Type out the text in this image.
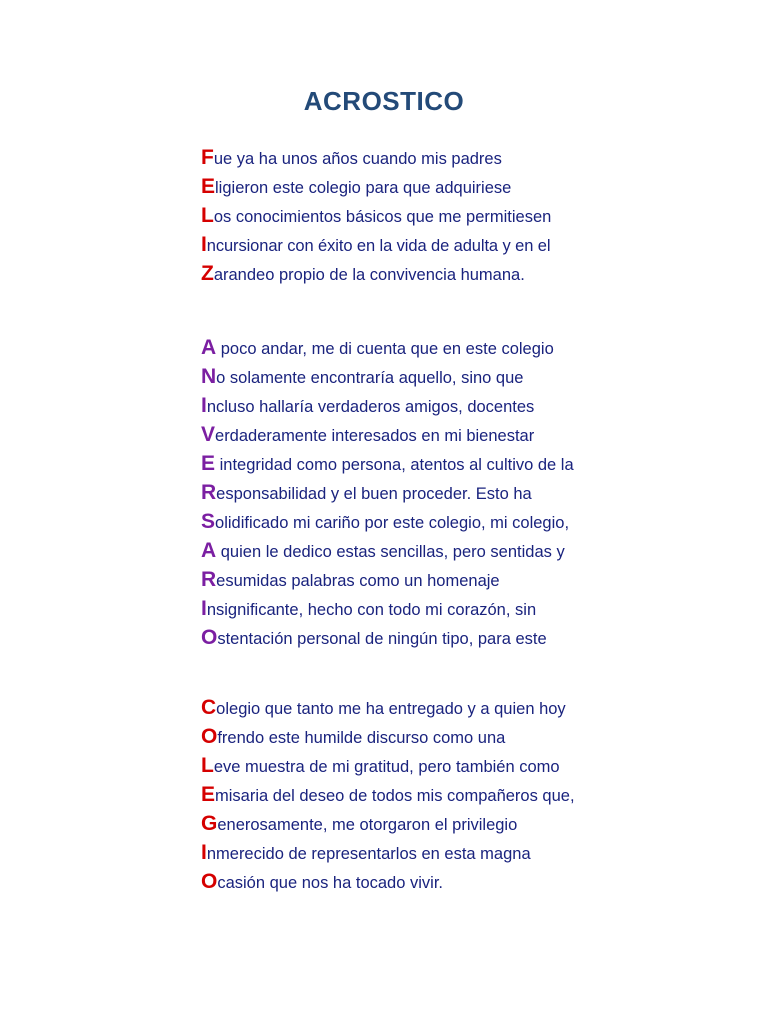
ACROSTICO
Fue ya ha unos años cuando mis padres
Eligieron este colegio para que adquiriese
Los conocimientos básicos que me permitiesen
Incursionar con éxito en la vida de adulta y en el
Zarandeo propio de la convivencia humana.
A poco andar, me di cuenta que en este colegio
No solamente encontraría aquello, sino que
Incluso hallaría verdaderos amigos, docentes
Verdaderamente interesados en mi bienestar
E integridad como persona, atentos al cultivo de la
Responsabilidad y el buen proceder. Esto ha
Solidificado mi cariño por este colegio, mi colegio,
A quien le dedico estas sencillas, pero sentidas y
Resumidas palabras como un homenaje
Insignificante, hecho con todo mi corazón, sin
Ostentación personal de ningún tipo, para este
Colegio que tanto me ha entregado y a quien hoy
Ofrendo este humilde discurso como una
Leve muestra de mi gratitud, pero también como
Emisaria del deseo de todos mis compañeros que,
Generosamente, me otorgaron el privilegio
Inmerecido de representarlos en esta magna
Ocasión que nos ha tocado vivir.
